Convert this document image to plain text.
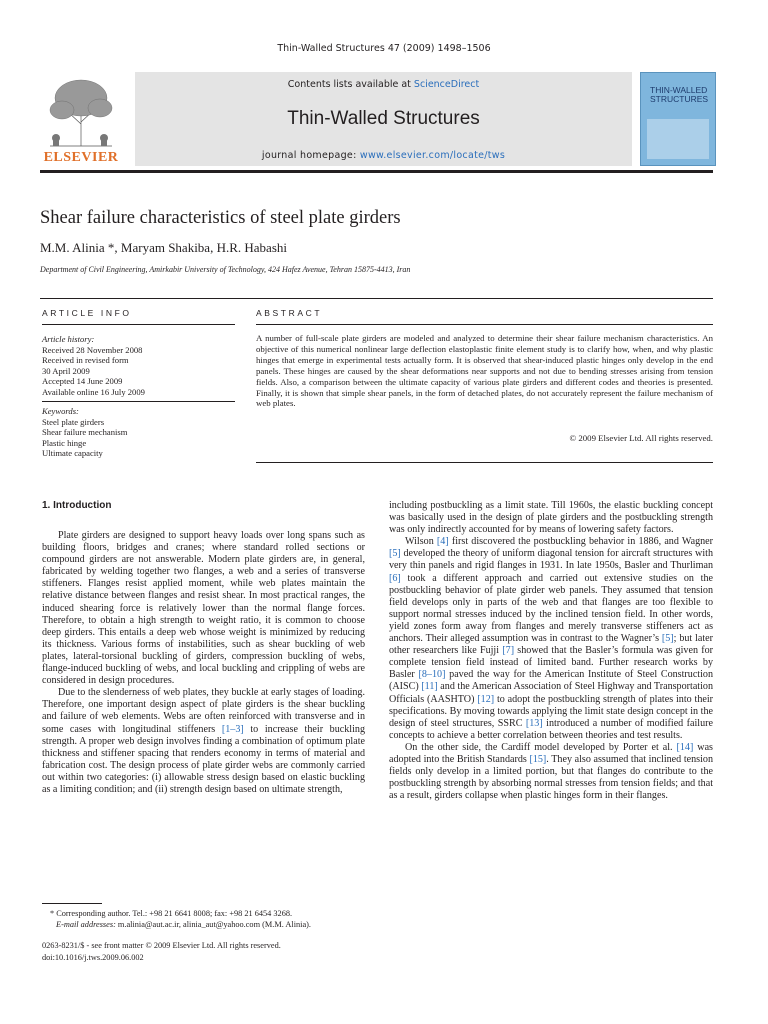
Thin-Walled Structures 47 (2009) 1498–1506
ELSEVIER
Contents lists available at ScienceDirect
Thin-Walled Structures
journal homepage: www.elsevier.com/locate/tws
THIN-WALLED
STRUCTURES
Shear failure characteristics of steel plate girders
M.M. Alinia *, Maryam Shakiba, H.R. Habashi
Department of Civil Engineering, Amirkabir University of Technology, 424 Hafez Avenue, Tehran 15875-4413, Iran
ARTICLE INFO
Article history:
Received 28 November 2008
Received in revised form
30 April 2009
Accepted 14 June 2009
Available online 16 July 2009
Keywords:
Steel plate girders
Shear failure mechanism
Plastic hinge
Ultimate capacity
ABSTRACT
A number of full-scale plate girders are modeled and analyzed to determine their shear failure mechanism characteristics. An objective of this numerical nonlinear large deflection elastoplastic finite element study is to clarify how, when, and why plastic hinges that emerge in experimental tests actually form. It is observed that shear-induced plastic hinges only develop in the end panels. These hinges are caused by the shear deformations near supports and not due to bending stresses arising from tension fields. Also, a comparison between the ultimate capacity of various plate girders and different codes and theories is presented. Finally, it is shown that simple shear panels, in the form of detached plates, do not accurately represent the failure mechanism of web plates.
© 2009 Elsevier Ltd. All rights reserved.
1. Introduction

Plate girders are designed to support heavy loads over long spans such as building floors, bridges and cranes; where standard rolled sections or compound girders are not answerable. Modern plate girders are, in general, fabricated by welding together two flanges, a web and a series of transverse stiffeners. Flanges resist applied moment, while web plates maintain the relative distance between flanges and resist shear. In most practical ranges, the induced shearing force is relatively lower than the normal flange forces. Therefore, to obtain a high strength to weight ratio, it is common to choose deep girders. This entails a deep web whose weight is minimized by reducing its thickness. Various forms of instabilities, such as shear buckling of web plates, lateral-torsional buckling of girders, compression buckling of webs, flange-induced buckling of webs, and local buckling and crippling of webs are considered in design procedures.

Due to the slenderness of web plates, they buckle at early stages of loading. Therefore, one important design aspect of plate girders is the shear buckling and failure of web elements. Webs are often reinforced with transverse and in some cases with longitudinal stiffeners [1–3] to increase their buckling strength. A proper web design involves finding a combination of optimum plate thickness and stiffener spacing that renders economy in terms of material and fabrication cost. The design process of plate girder webs are commonly carried out within two categories: (i) allowable stress design based on elastic buckling as a limiting condition; and (ii) strength design based on ultimate strength,

including postbuckling as a limit state. Till 1960s, the elastic buckling concept was basically used in the design of plate girders and the postbuckling strength was only indirectly accounted for by means of lowering safety factors.

Wilson [4] first discovered the postbuckling behavior in 1886, and Wagner [5] developed the theory of uniform diagonal tension for aircraft structures with very thin panels and rigid flanges in 1931. In late 1950s, Basler and Thurliman [6] took a different approach and carried out extensive studies on the postbuckling behavior of plate girder web panels. They assumed that tension field develops only in parts of the web and that flanges are too flexible to support normal stresses induced by the inclined tension field. In other words, yield zones form away from flanges and merely transverse stiffeners act as anchors. Their alleged assumption was in contrast to the Wagner’s [5]; but later other researchers like Fujji [7] showed that the Basler’s formula was given for complete tension field instead of limited band. Further research works by Basler [8–10] paved the way for the American Institute of Steel Construction (AISC) [11] and the American Association of Steel Highway and Transportation Officials (AASHTO) [12] to adopt the postbuckling strength of plates into their specifications. By moving towards applying the limit state design concept in the design of steel structures, SSRC [13] introduced a number of modified failure concepts to achieve a better correlation between theories and test results.

On the other side, the Cardiff model developed by Porter et al. [14] was adopted into the British Standards [15]. They also assumed that inclined tension fields only develop in a limited portion, but that flanges do contribute to the postbuckling strength by absorbing normal stresses from tension fields; and that as a result, girders collapse when plastic hinges form in their flanges.

* Corresponding author. Tel.: +98 21 6641 8008; fax: +98 21 6454 3268.
E-mail addresses: m.alinia@aut.ac.ir, alinia_aut@yahoo.com (M.M. Alinia).
0263-8231/$ - see front matter © 2009 Elsevier Ltd. All rights reserved.
doi:10.1016/j.tws.2009.06.002
